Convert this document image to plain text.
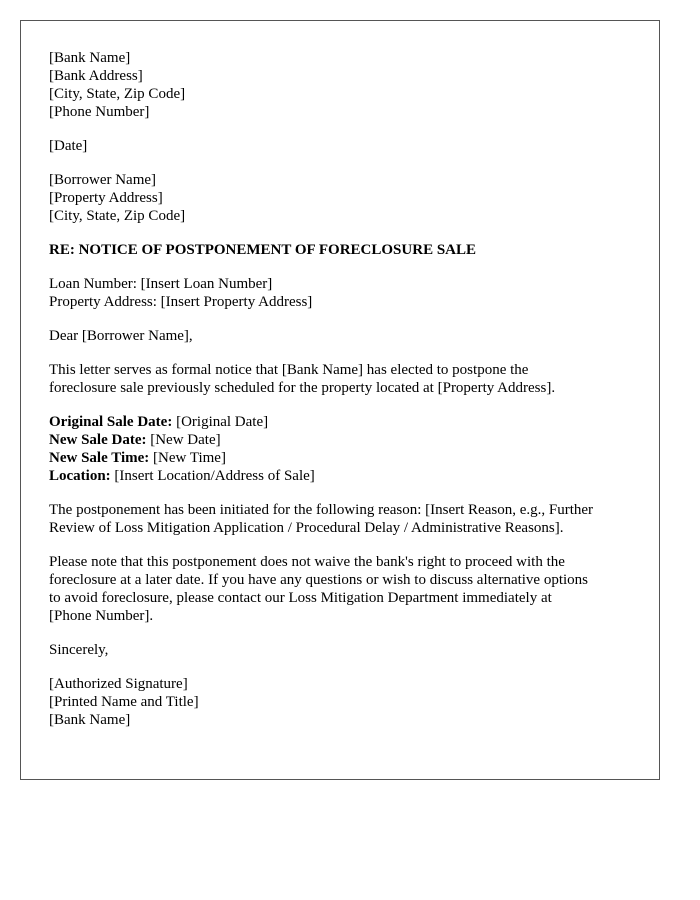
[Bank Name]
[Bank Address]
[City, State, Zip Code]
[Phone Number]
[Date]
[Borrower Name]
[Property Address]
[City, State, Zip Code]
RE: NOTICE OF POSTPONEMENT OF FORECLOSURE SALE
Loan Number: [Insert Loan Number]
Property Address: [Insert Property Address]
Dear [Borrower Name],
This letter serves as formal notice that [Bank Name] has elected to postpone the
foreclosure sale previously scheduled for the property located at [Property Address].
Original Sale Date: [Original Date]
New Sale Date: [New Date]
New Sale Time: [New Time]
Location: [Insert Location/Address of Sale]
The postponement has been initiated for the following reason: [Insert Reason, e.g., Further
Review of Loss Mitigation Application / Procedural Delay / Administrative Reasons].
Please note that this postponement does not waive the bank's right to proceed with the
foreclosure at a later date. If you have any questions or wish to discuss alternative options
to avoid foreclosure, please contact our Loss Mitigation Department immediately at
[Phone Number].
Sincerely,
[Authorized Signature]
[Printed Name and Title]
[Bank Name]
